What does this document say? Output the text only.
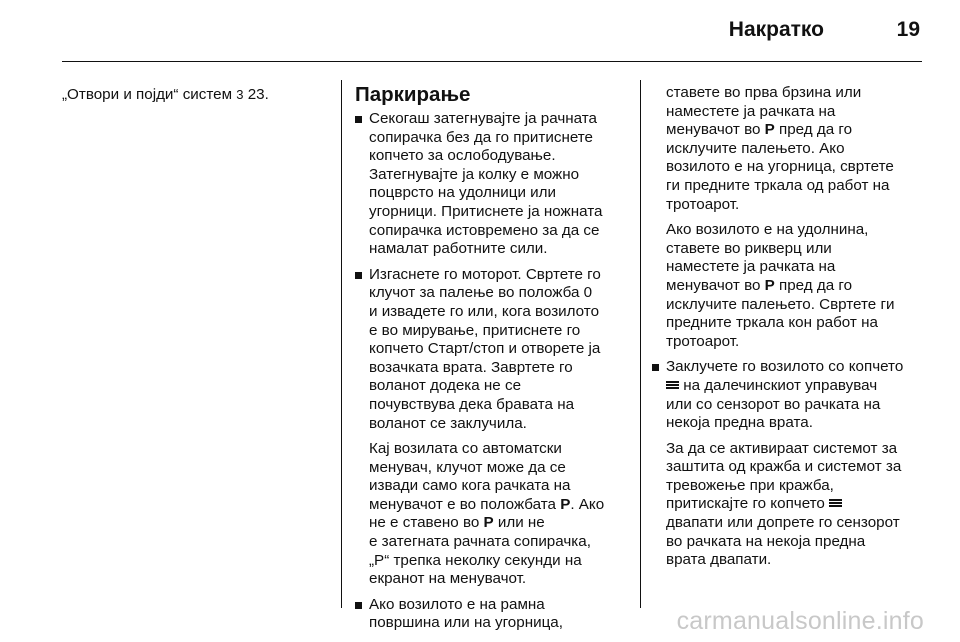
Накратко	19

„Отвори и појди“ систем 3 23.	Паркирање
Секогаш затегнувајте ја рачната
сопирачка без да го притиснете
копчето за ослободување.
Затегнувајте ја колку е можно
поцврсто на удолници или
угорници. Притиснете ја ножната
сопирачка истовремено за да се
намалат работните сили.
Изгаснете го моторот. Свртете го
клучот за палење во положба 0
и извадете го или, кога возилото
е во мирување, притиснете го
копчето Старт/стоп и отворете ја
возачката врата. Завртете го
воланот додека не се
почувствува дека бравата на
воланот се заклучила.
Кај возилата со автоматски
менувач, клучот може да се
извади само кога рачката на
менувачот е во положбата P. Ако
не е ставено во P или не
е затегната рачната сопирачка,
„P“ трепка неколку секунди на
екранот на менувачот.
Ако возилото е на рамна
површина или на угорница,
ставете во прва брзина или
наместете ја рачката на
менувачот во P пред да го
исклучите палењето. Ако
возилото е на угорница, свртете
ги предните тркала од работ на
тротоарот.
Ако возилото е на удолнина,
ставете во рикверц или
наместете ја рачката на
менувачот во P пред да го
исклучите палењето. Свртете ги
предните тркала кон работ на
тротоарот.
Заклучете го возилото со копчето
на далечинскиот управувач
или со сензорот во рачката на
некоја предна врата.
За да се активираат системот за
заштита од кражба и системот за
тревожење при кражба,
притискајте го копчето
двапати или допрете го сензорот
во рачката на некоја предна
врата двапати.
carmanualsonline.info
